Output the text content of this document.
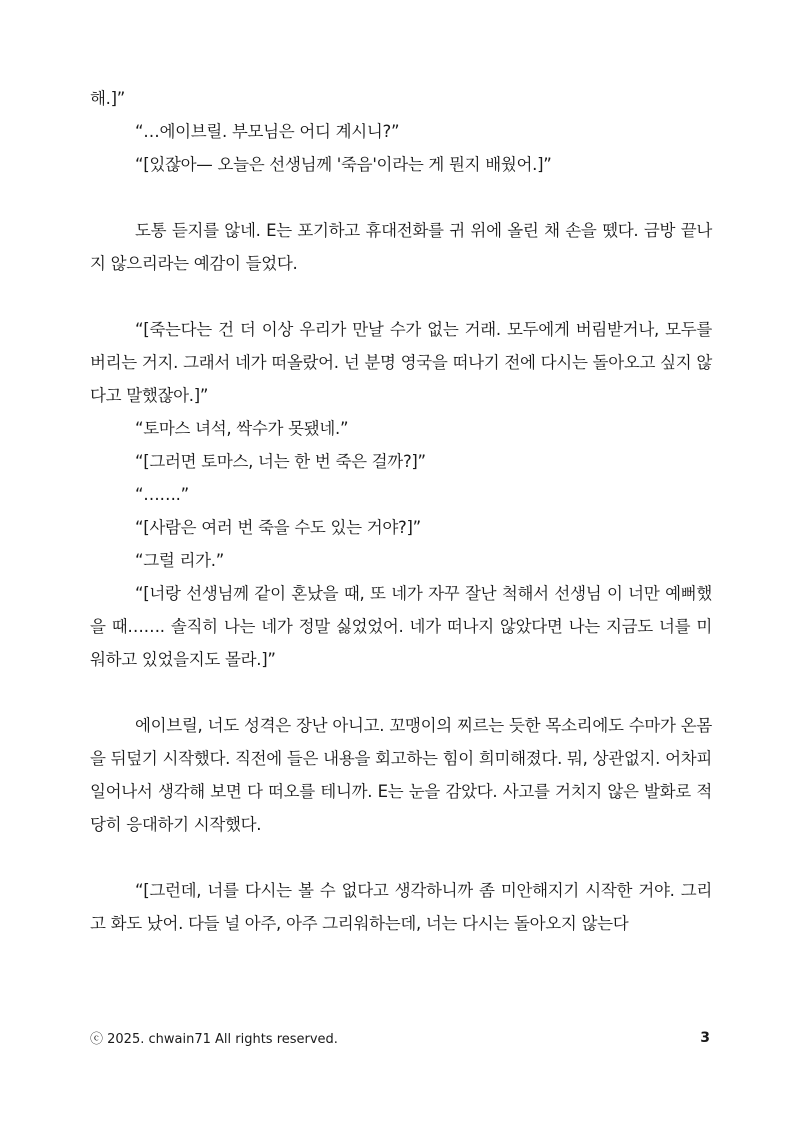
해.]”

“…에이브릴. 부모님은 어디 계시니?”

“[있잖아— 오늘은 선생님께 '죽음'이라는 게 뭔지 배웠어.]”

도통 듣지를 않네. E는 포기하고 휴대전화를 귀 위에 올린 채 손을 뗐다. 금방 끝나지 않으리라는 예감이 들었다.

“[죽는다는 건 더 이상 우리가 만날 수가 없는 거래. 모두에게 버림받거나, 모두를 버리는 거지. 그래서 네가 떠올랐어. 넌 분명 영국을 떠나기 전에 다시는 돌아오고 싶지 않다고 말했잖아.]”

“토마스 녀석, 싹수가 못됐네.”

“[그러면 토마스, 너는 한 번 죽은 걸까?]”

“…….”

“[사람은 여러 번 죽을 수도 있는 거야?]”

“그럴 리가.”

“[너랑 선생님께 같이 혼났을 때, 또 네가 자꾸 잘난 척해서 선생님 이 너만 예뻐했을 때……. 솔직히 나는 네가 정말 싫었었어. 네가 떠나지 않았다면 나는 지금도 너를 미워하고 있었을지도 몰라.]”

에이브릴, 너도 성격은 장난 아니고. 꼬맹이의 찌르는 듯한 목소리에도 수마가 온몸을 뒤덮기 시작했다. 직전에 들은 내용을 회고하는 힘이 희미해졌다. 뭐, 상관없지. 어차피 일어나서 생각해 보면 다 떠오를 테니까. E는 눈을 감았다. 사고를 거치지 않은 발화로 적당히 응대하기 시작했다.

“[그런데, 너를 다시는 볼 수 없다고 생각하니까 좀 미안해지기 시작한 거야. 그리고 화도 났어. 다들 널 아주, 아주 그리워하는데, 너는 다시는 돌아오지 않는다

ⓒ 2025. chwain71 All rights reserved.	3
